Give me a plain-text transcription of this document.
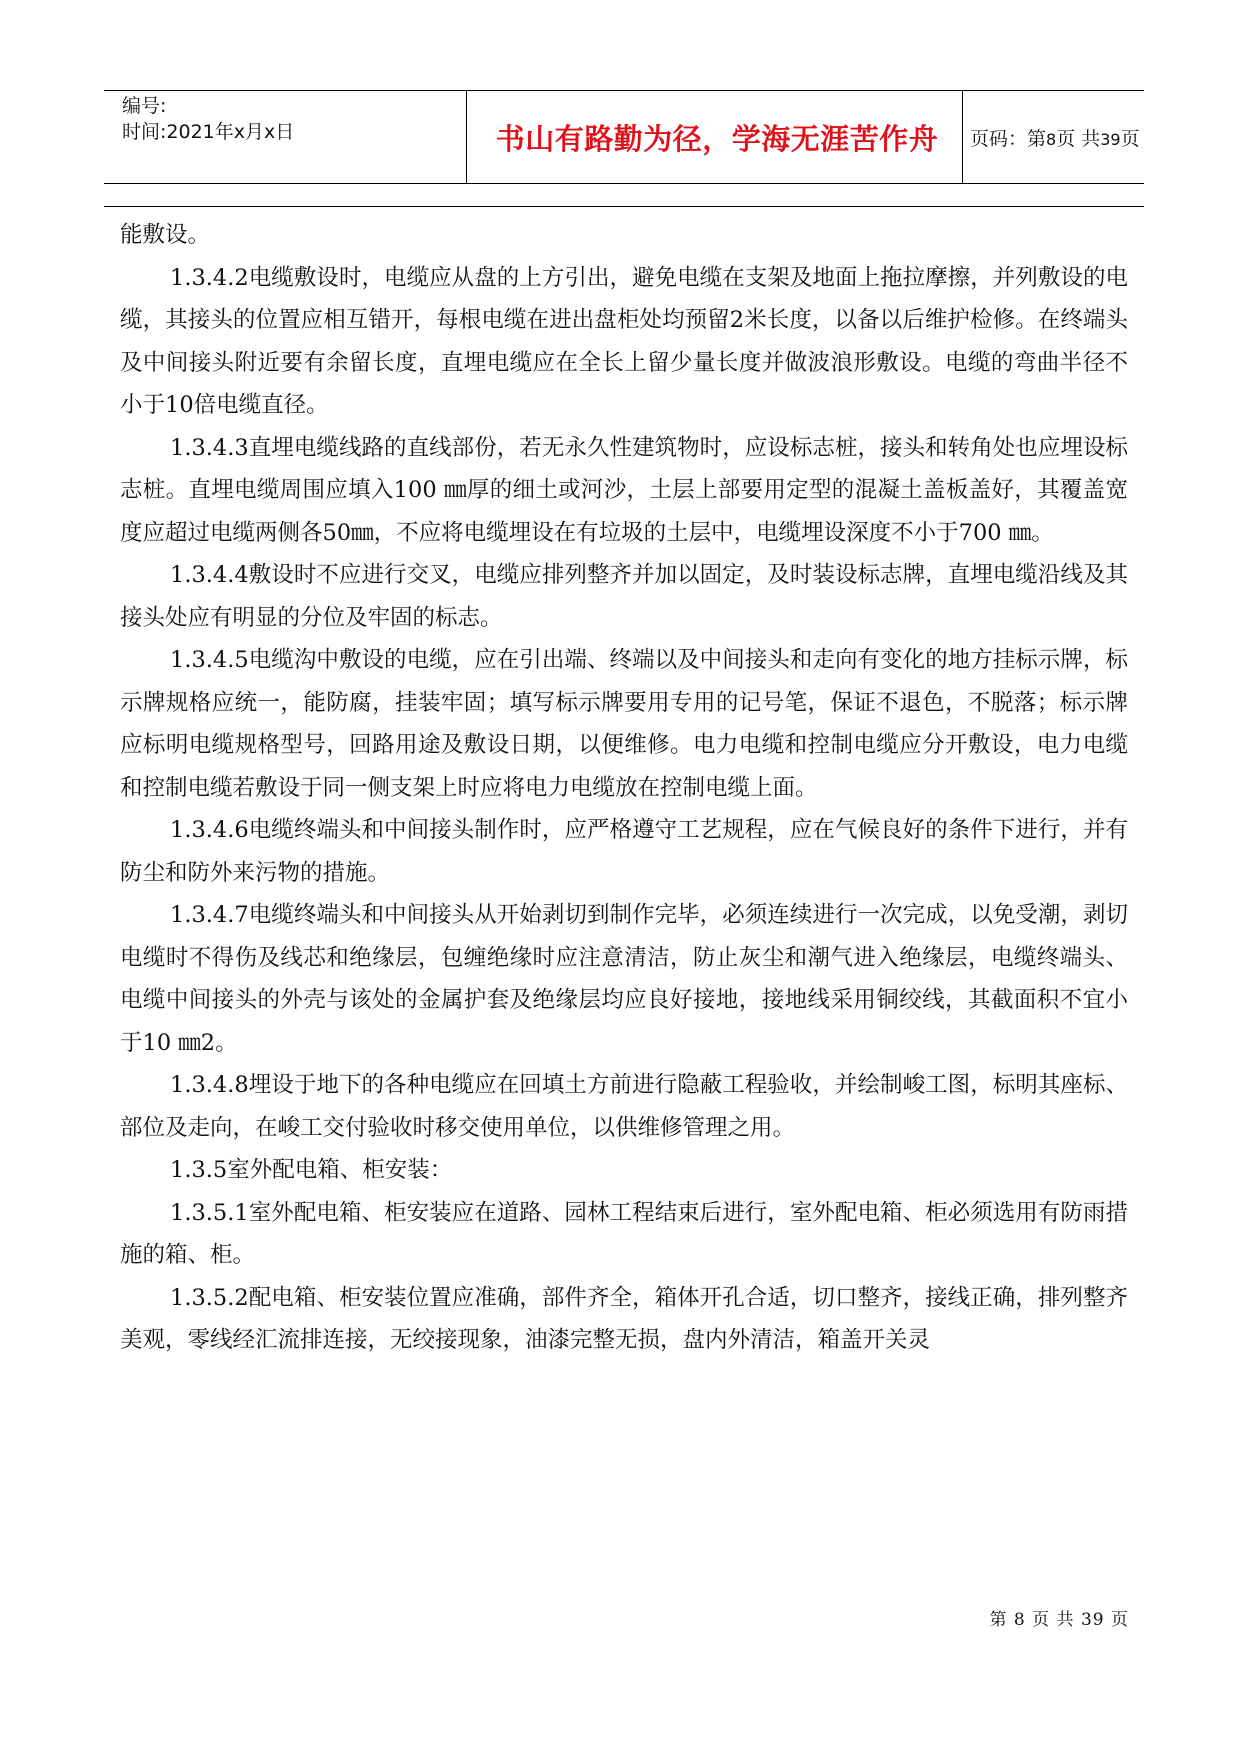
编号:
时间:2021年x月x日	书山有路勤为径，学海无涯苦作舟 页码：第8页 共39页

能敷设。

1.3.4.2电缆敷设时，电缆应从盘的上方引出，避免电缆在支架及地面上拖拉摩擦，并列敷设的电缆，其接头的位置应相互错开，每根电缆在进出盘柜处均预留2米长度，以备以后维护检修。在终端头及中间接头附近要有余留长度，直埋电缆应在全长上留少量长度并做波浪形敷设。电缆的弯曲半径不小于10倍电缆直径。

1.3.4.3直埋电缆线路的直线部份，若无永久性建筑物时，应设标志桩，接头和转角处也应埋设标志桩。直埋电缆周围应填入100 ㎜厚的细土或河沙，土层上部要用定型的混凝土盖板盖好，其覆盖宽度应超过电缆两侧各50㎜，不应将电缆埋设在有垃圾的土层中，电缆埋设深度不小于700 ㎜。

1.3.4.4敷设时不应进行交叉，电缆应排列整齐并加以固定，及时装设标志牌，直埋电缆沿线及其接头处应有明显的分位及牢固的标志。

1.3.4.5电缆沟中敷设的电缆，应在引出端、终端以及中间接头和走向有变化的地方挂标示牌，标示牌规格应统一，能防腐，挂装牢固；填写标示牌要用专用的记号笔，保证不退色，不脱落；标示牌应标明电缆规格型号，回路用途及敷设日期，以便维修。电力电缆和控制电缆应分开敷设，电力电缆和控制电缆若敷设于同一侧支架上时应将电力电缆放在控制电缆上面。

1.3.4.6电缆终端头和中间接头制作时，应严格遵守工艺规程，应在气候良好的条件下进行，并有防尘和防外来污物的措施。

1.3.4.7电缆终端头和中间接头从开始剥切到制作完毕，必须连续进行一次完成，以免受潮，剥切电缆时不得伤及线芯和绝缘层，包缠绝缘时应注意清洁，防止灰尘和潮气进入绝缘层，电缆终端头、电缆中间接头的外壳与该处的金属护套及绝缘层均应良好接地，接地线采用铜绞线，其截面积不宜小于10 ㎜2。

1.3.4.8埋设于地下的各种电缆应在回填土方前进行隐蔽工程验收，并绘制峻工图，标明其座标、部位及走向，在峻工交付验收时移交使用单位，以供维修管理之用。

1.3.5室外配电箱、柜安装：

1.3.5.1室外配电箱、柜安装应在道路、园林工程结束后进行，室外配电箱、柜必须选用有防雨措施的箱、柜。

1.3.5.2配电箱、柜安装位置应准确，部件齐全，箱体开孔合适，切口整齐，接线正确，排列整齐美观，零线经汇流排连接，无绞接现象，油漆完整无损，盘内外清洁，箱盖开关灵

第 8 页 共 39 页
